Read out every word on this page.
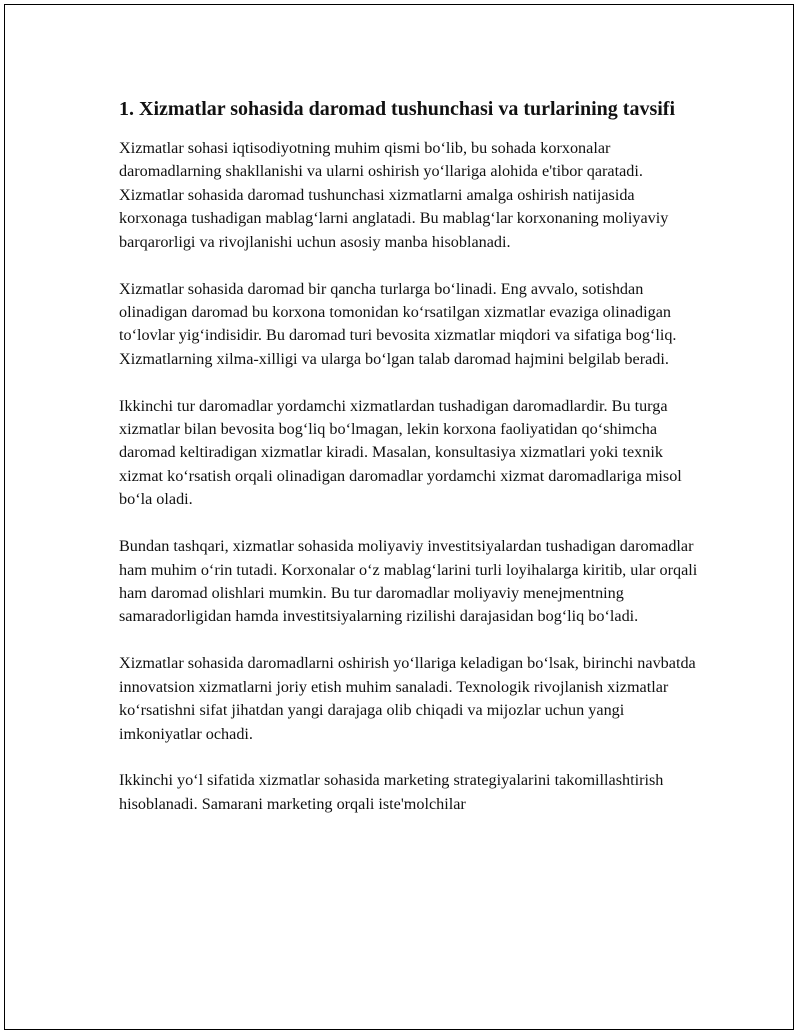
1. Xizmatlar sohasida daromad tushunchasi va turlarining tavsifi

Xizmatlar sohasi iqtisodiyotning muhim qismi bo‘lib, bu sohada korxonalar daromadlarning shakllanishi va ularni oshirish yo‘llariga alohida e'tibor qaratadi. Xizmatlar sohasida daromad tushunchasi xizmatlarni amalga oshirish natijasida korxonaga tushadigan mablag‘larni anglatadi. Bu mablag‘lar korxonaning moliyaviy barqarorligi va rivojlanishi uchun asosiy manba hisoblanadi.

Xizmatlar sohasida daromad bir qancha turlarga bo‘linadi. Eng avvalo, sotishdan olinadigan daromad bu korxona tomonidan ko‘rsatilgan xizmatlar evaziga olinadigan to‘lovlar yig‘indisidir. Bu daromad turi bevosita xizmatlar miqdori va sifatiga bog‘liq. Xizmatlarning xilma-xilligi va ularga bo‘lgan talab daromad hajmini belgilab beradi.

Ikkinchi tur daromadlar yordamchi xizmatlardan tushadigan daromadlardir. Bu turga xizmatlar bilan bevosita bog‘liq bo‘lmagan, lekin korxona faoliyatidan qo‘shimcha daromad keltiradigan xizmatlar kiradi. Masalan, konsultasiya xizmatlari yoki texnik xizmat ko‘rsatish orqali olinadigan daromadlar yordamchi xizmat daromadlariga misol bo‘la oladi.

Bundan tashqari, xizmatlar sohasida moliyaviy investitsiyalardan tushadigan daromadlar ham muhim o‘rin tutadi. Korxonalar o‘z mablag‘larini turli loyihalarga kiritib, ular orqali ham daromad olishlari mumkin. Bu tur daromadlar moliyaviy menejmentning samaradorligidan hamda investitsiyalarning rizilishi darajasidan bog‘liq bo‘ladi.

Xizmatlar sohasida daromadlarni oshirish yo‘llariga keladigan bo‘lsak, birinchi navbatda innovatsion xizmatlarni joriy etish muhim sanaladi. Texnologik rivojlanish xizmatlar ko‘rsatishni sifat jihatdan yangi darajaga olib chiqadi va mijozlar uchun yangi imkoniyatlar ochadi.

Ikkinchi yo‘l sifatida xizmatlar sohasida marketing strategiyalarini takomillashtirish hisoblanadi. Samarani marketing orqali iste'molchilar
